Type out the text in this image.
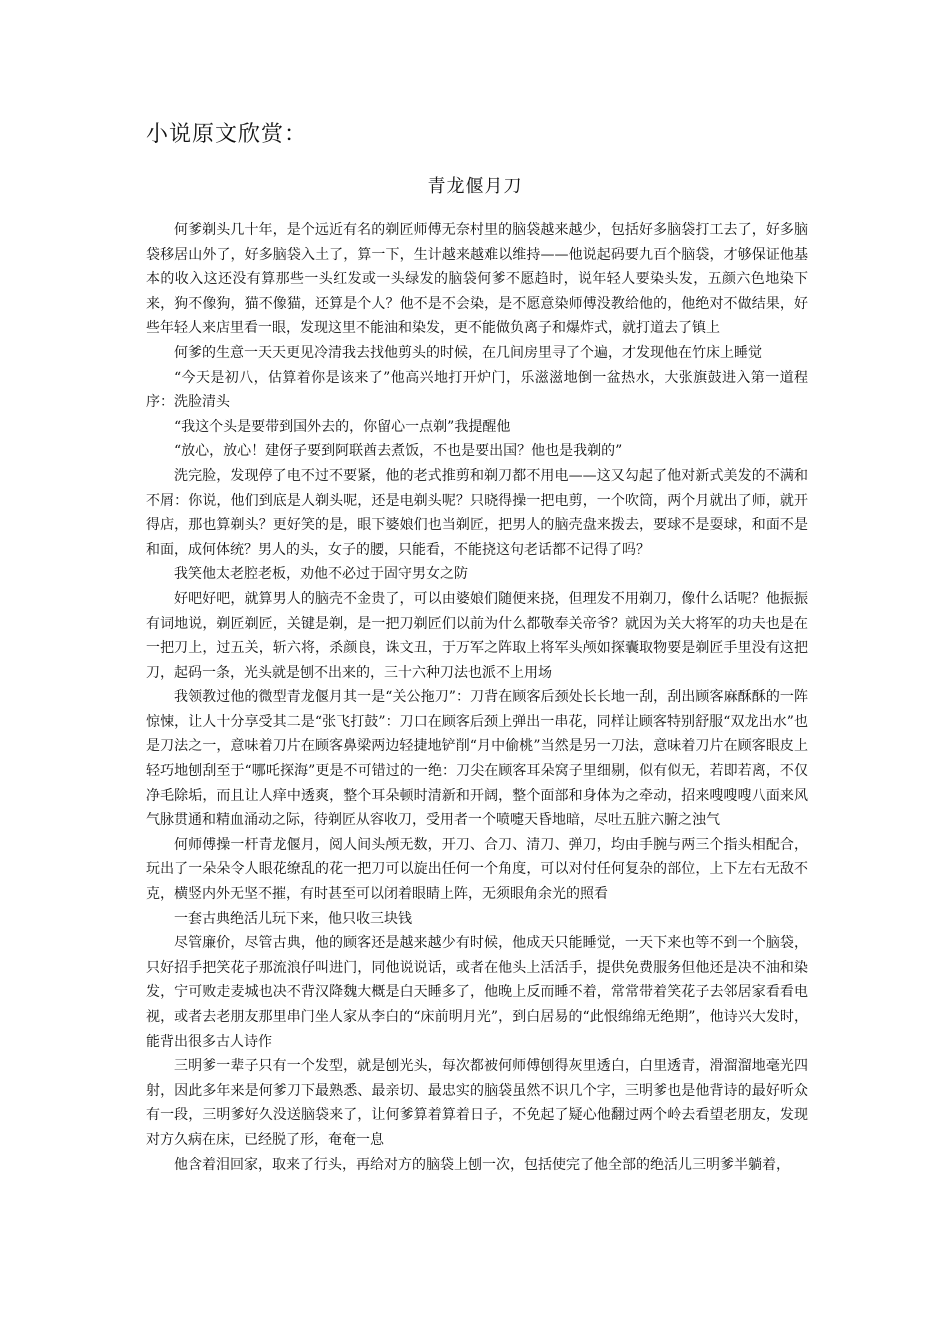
小说原文欣赏：
青龙偃月刀

何爹剃头几十年，是个远近有名的剃匠师傅无奈村里的脑袋越来越少，包括好多脑袋打工去了，好多脑袋移居山外了，好多脑袋入土了，算一下，生计越来越难以维持——他说起码要九百个脑袋，才够保证他基本的收入这还没有算那些一头红发或一头绿发的脑袋何爹不愿趋时，说年轻人要染头发，五颜六色地染下来，狗不像狗，猫不像猫，还算是个人？他不是不会染，是不愿意染师傅没教给他的，他绝对不做结果，好些年轻人来店里看一眼，发现这里不能油和染发，更不能做负离子和爆炸式，就打道去了镇上

何爹的生意一天天更见冷清我去找他剪头的时候，在几间房里寻了个遍，才发现他在竹床上睡觉

“今天是初八，估算着你是该来了”他高兴地打开炉门，乐滋滋地倒一盆热水，大张旗鼓进入第一道程序：洗脸清头

“我这个头是要带到国外去的，你留心一点剃”我提醒他

“放心，放心！建伢子要到阿联酋去煮饭，不也是要出国？他也是我剃的”

洗完脸，发现停了电不过不要紧，他的老式推剪和剃刀都不用电——这又勾起了他对新式美发的不满和不屑：你说，他们到底是人剃头呢，还是电剃头呢？只晓得操一把电剪，一个吹筒，两个月就出了师，就开得店，那也算剃头？更好笑的是，眼下婆娘们也当剃匠，把男人的脑壳盘来拨去，要球不是耍球，和面不是和面，成何体统？男人的头，女子的腰，只能看，不能挠这句老话都不记得了吗？

我笑他太老腔老板，劝他不必过于固守男女之防

好吧好吧，就算男人的脑壳不金贵了，可以由婆娘们随便来挠，但理发不用剃刀，像什么话呢？他振振有词地说，剃匠剃匠，关键是剃，是一把刀剃匠们以前为什么都敬奉关帝爷？就因为关大将军的功夫也是在一把刀上，过五关，斩六将，杀颜良，诛文丑，于万军之阵取上将军头颅如探囊取物要是剃匠手里没有这把刀，起码一条，光头就是刨不出来的，三十六种刀法也派不上用场

我领教过他的微型青龙偃月其一是“关公拖刀”：刀背在顾客后颈处长长地一刮，刮出顾客麻酥酥的一阵惊悚，让人十分享受其二是“张飞打鼓”：刀口在顾客后颈上弹出一串花，同样让顾客特别舒服“双龙出水”也是刀法之一，意味着刀片在顾客鼻梁两边轻捷地铲削“月中偷桃”当然是另一刀法，意味着刀片在顾客眼皮上轻巧地刨刮至于“哪吒探海”更是不可错过的一绝：刀尖在顾客耳朵窝子里细剔，似有似无，若即若离，不仅净毛除垢，而且让人痒中透爽，整个耳朵顿时清新和开阔，整个面部和身体为之牵动，招来嗖嗖嗖八面来风气脉贯通和精血涌动之际，待剃匠从容收刀，受用者一个喷嚏天昏地暗，尽吐五脏六腑之浊气

何师傅操一杆青龙偃月，阅人间头颅无数，开刀、合刀、清刀、弹刀，均由手腕与两三个指头相配合，玩出了一朵朵令人眼花缭乱的花一把刀可以旋出任何一个角度，可以对付任何复杂的部位，上下左右无敌不克，横竖内外无坚不摧，有时甚至可以闭着眼睛上阵，无须眼角余光的照看

一套古典绝活儿玩下来，他只收三块钱

尽管廉价，尽管古典，他的顾客还是越来越少有时候，他成天只能睡觉，一天下来也等不到一个脑袋，只好招手把笑花子那流浪仔叫进门，同他说说话，或者在他头上活活手，提供免费服务但他还是决不油和染发，宁可败走麦城也决不背汉降魏大概是白天睡多了，他晚上反而睡不着，常常带着笑花子去邻居家看看电视，或者去老朋友那里串门坐人家从李白的“床前明月光”，到白居易的“此恨绵绵无绝期”，他诗兴大发时，能背出很多古人诗作

三明爹一辈子只有一个发型，就是刨光头，每次都被何师傅刨得灰里透白，白里透青，滑溜溜地毫光四射，因此多年来是何爹刀下最熟悉、最亲切、最忠实的脑袋虽然不识几个字，三明爹也是他背诗的最好听众有一段，三明爹好久没送脑袋来了，让何爹算着算着日子，不免起了疑心他翻过两个岭去看望老朋友，发现对方久病在床，已经脱了形，奄奄一息

他含着泪回家，取来了行头，再给对方的脑袋上刨一次，包括使完了他全部的绝活儿三明爹半躺着，
